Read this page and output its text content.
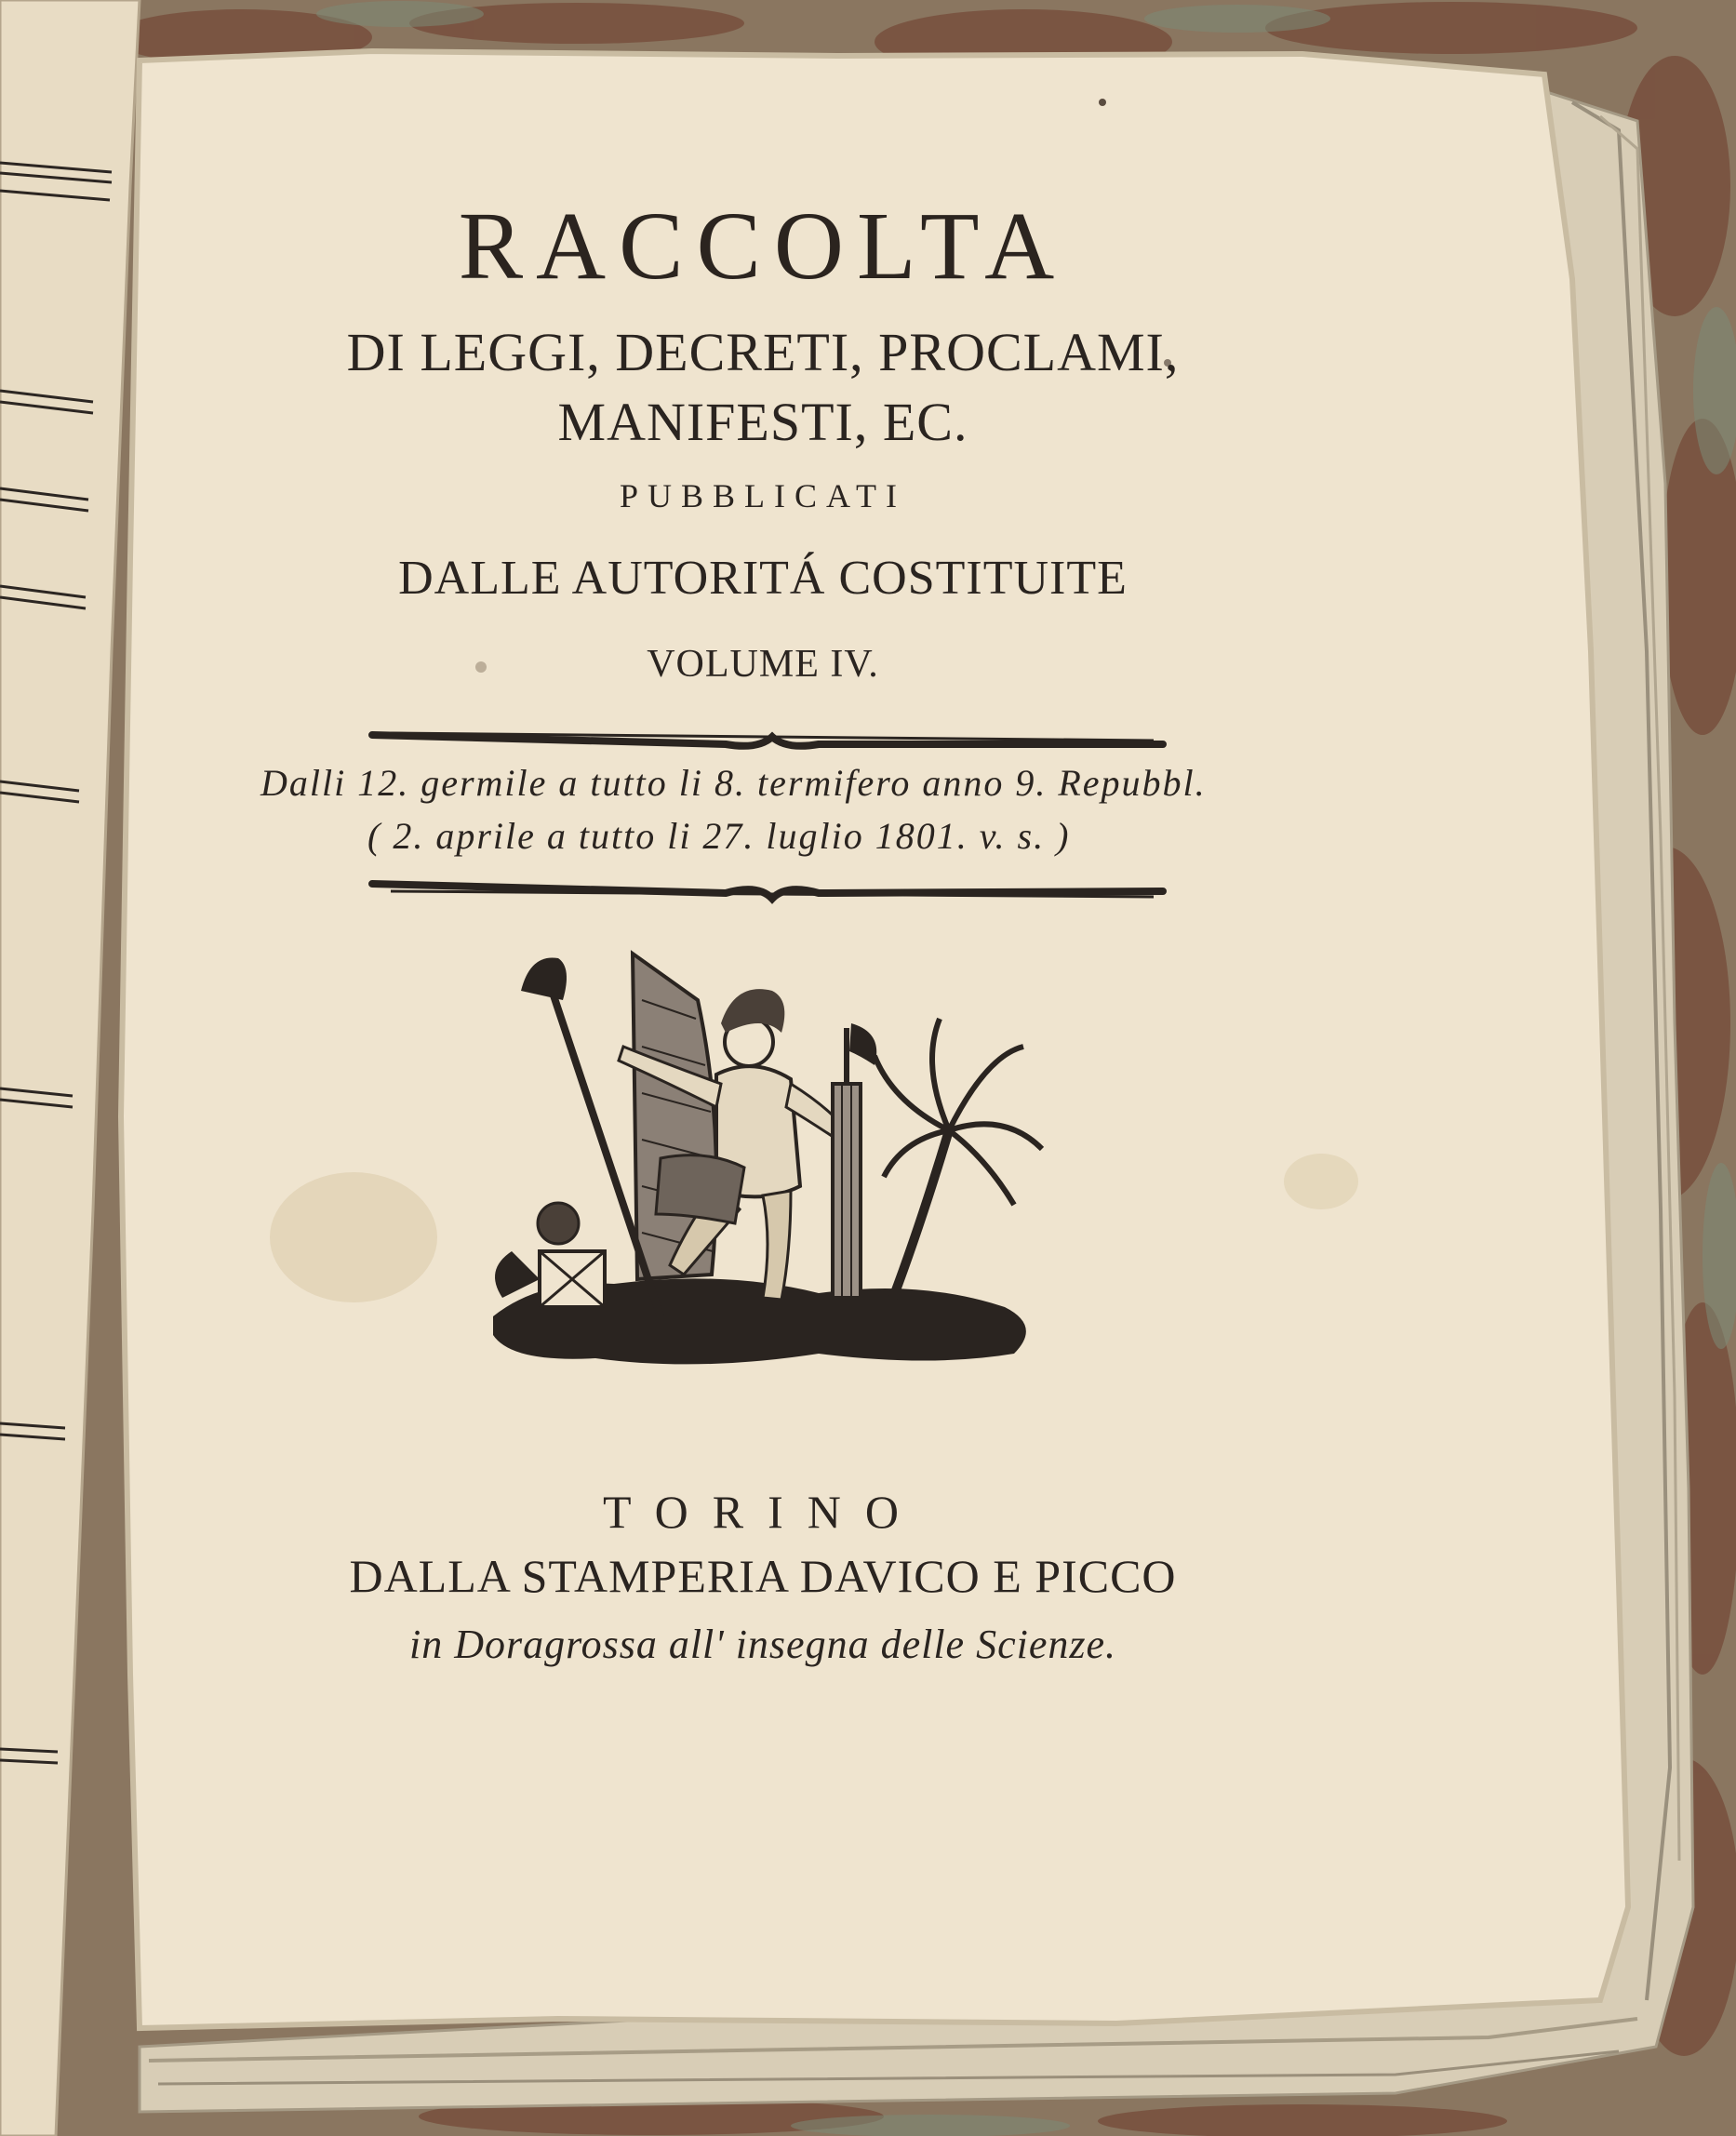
RACCOLTA
DI LEGGI, DECRETI, PROCLAMI,
MANIFESTI, EC.
PUBBLICATI
DALLE AUTORITÁ COSTITUITE
VOLUME IV.
Dalli 12. germile a tutto li 8. termifero anno 9. Repubbl.
( 2. aprile a tutto li 27. luglio 1801. v. s. )
TORINO
DALLA STAMPERIA DAVICO E PICCO
in Doragrossa all' insegna delle Scienze.
